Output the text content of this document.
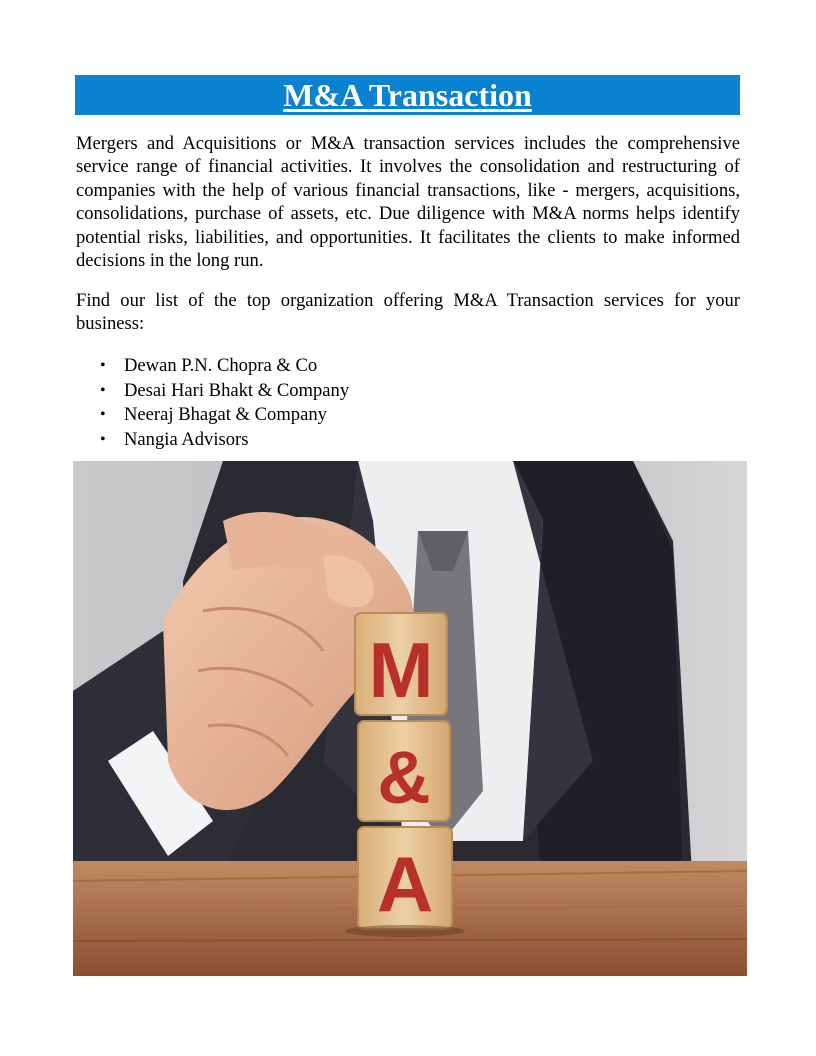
M&A Transaction

Mergers and Acquisitions or M&A transaction services includes the comprehensive service range of financial activities. It involves the consolidation and restructuring of companies with the help of various financial transactions, like - mergers, acquisitions, consolidations, purchase of assets, etc. Due diligence with M&A norms helps identify potential risks, liabilities, and opportunities. It facilitates the clients to make informed decisions in the long run.

Find our list of the top organization offering M&A Transaction services for your business:

• Dewan P.N. Chopra & Co
• Desai Hari Bhakt & Company
• Neeraj Bhagat & Company
• Nangia Advisors
M
&
A
